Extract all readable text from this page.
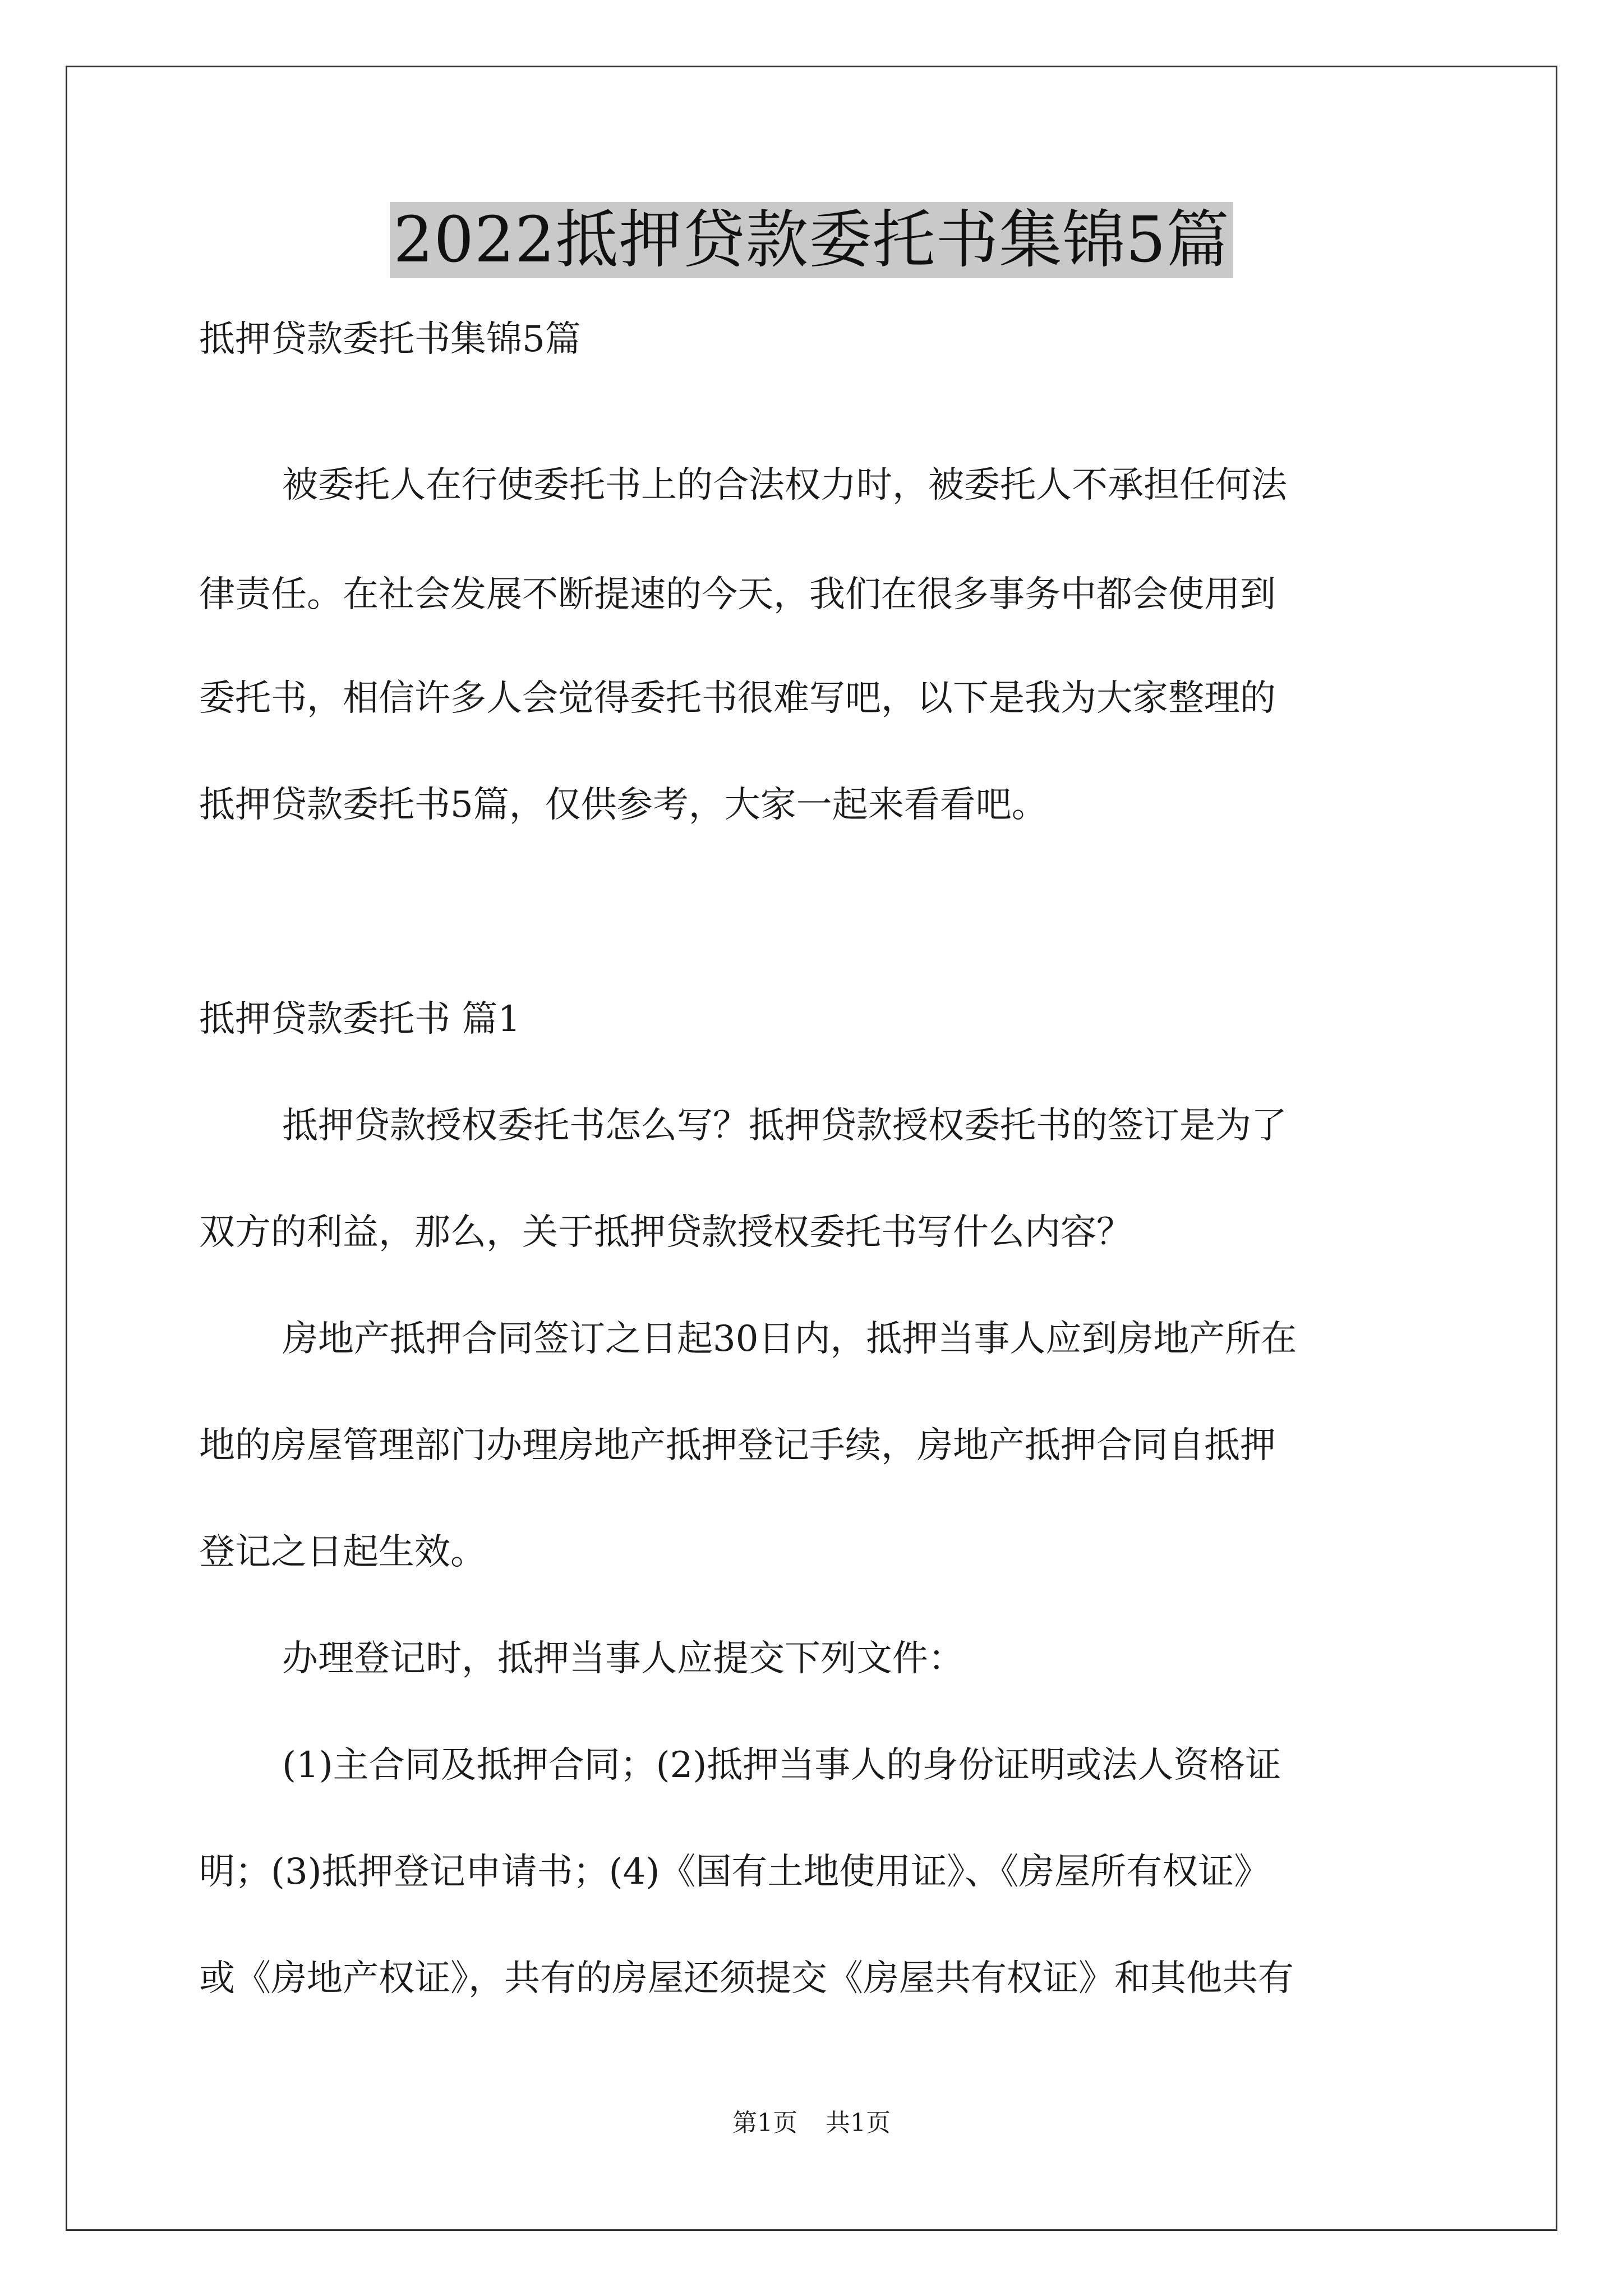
2022抵押贷款委托书集锦5篇
抵押贷款委托书集锦5篇
被委托人在行使委托书上的合法权力时，被委托人不承担任何法
律责任。在社会发展不断提速的今天，我们在很多事务中都会使用到
委托书，相信许多人会觉得委托书很难写吧，以下是我为大家整理的
抵押贷款委托书5篇，仅供参考，大家一起来看看吧。
抵押贷款委托书 篇1
抵押贷款授权委托书怎么写？抵押贷款授权委托书的签订是为了
双方的利益，那么，关于抵押贷款授权委托书写什么内容？
房地产抵押合同签订之日起30日内，抵押当事人应到房地产所在
地的房屋管理部门办理房地产抵押登记手续，房地产抵押合同自抵押
登记之日起生效。
办理登记时，抵押当事人应提交下列文件：
(1)主合同及抵押合同；(2)抵押当事人的身份证明或法人资格证
明；(3)抵押登记申请书；(4)《国有土地使用证》、《房屋所有权证》
或《房地产权证》，共有的房屋还须提交《房屋共有权证》和其他共有
第1页 共1页
